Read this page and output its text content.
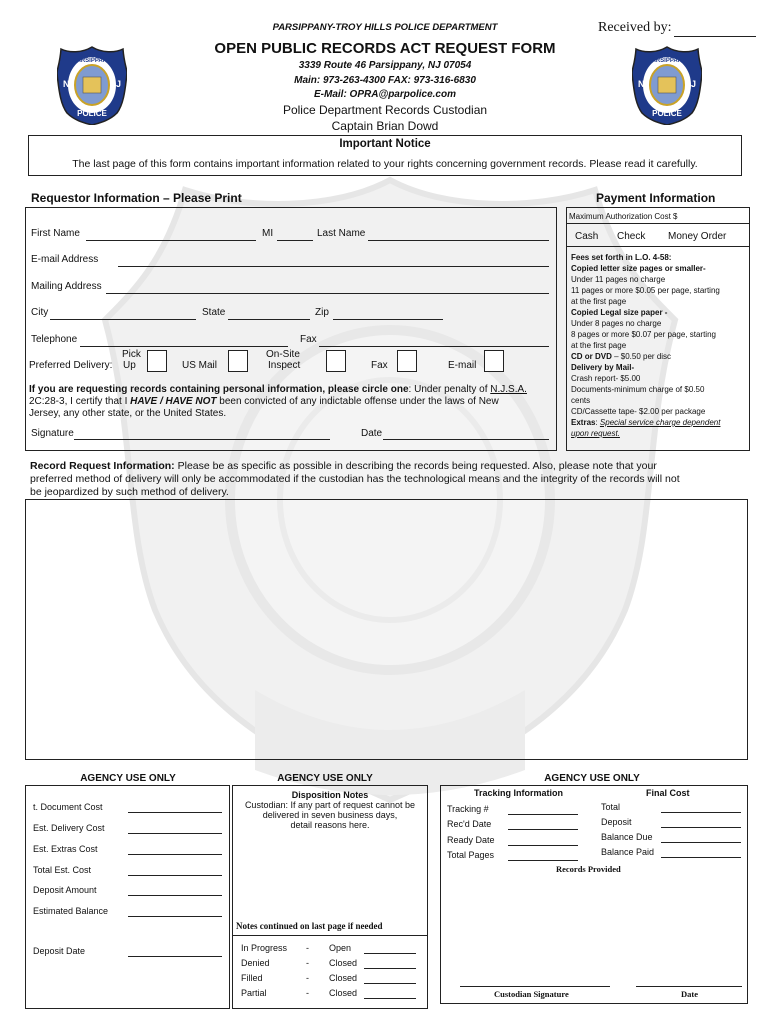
PARSIPPANY-TROY HILLS POLICE DEPARTMENT	Received by:
OPEN PUBLIC RECORDS ACT REQUEST FORM
3339 Route 46 Parsippany, NJ 07054
Main: 973-263-4300 FAX: 973-316-6830
E-Mail: OPRA@parpolice.com
Police Department Records Custodian
Captain Brian Dowd
PARSIPPANY
N	J
POLICE
PARSIPPANY
N	J
POLICE
Important Notice
The last page of this form contains important information related to your rights concerning government records. Please read it carefully.
Requestor Information – Please Print
First Name	MI	Last Name
E-mail Address
Mailing Address
City	State	Zip
Telephone	Fax
Preferred Delivery:
Pick
Up	US Mail
On-Site
Inspect	Fax	E-mail
If you are requesting records containing personal information, please circle one: Under penalty of N.J.S.A.
2C:28-3, I certify that I HAVE / HAVE NOT been convicted of any indictable offense under the laws of New
Jersey, any other state, or the United States.
Signature	Date
Payment Information
Maximum Authorization Cost $
Cash Check Money Order
Fees set forth in L.O. 4-58:
Copied letter size pages or smaller-
Under 11 pages no charge
11 pages or more $0.05 per page, starting
at the first page
Copied Legal size paper -
Under 8 pages no charge
8 pages or more $0.07 per page, starting
at the first page
CD or DVD – $0.50 per disc
Delivery by Mail-
Crash report- $5.00
Documents-minimum charge of $0.50
cents
CD/Cassette tape- $2.00 per package
Extras: Special service charge dependent
upon request.
Record Request Information: Please be as specific as possible in describing the records being requested. Also, please note that your
preferred method of delivery will only be accommodated if the custodian has the technological means and the integrity of the records will not
be jeopardized by such method of delivery.
AGENCY USE ONLY	AGENCY USE ONLY	AGENCY USE ONLY
t. Document Cost
Est. Delivery Cost
Est. Extras Cost
Total Est. Cost
Deposit Amount
Estimated Balance
Deposit Date
Disposition Notes
Custodian: If any part of request cannot be
delivered in seven business days,
detail reasons here.
Notes continued on last page if needed
In Progress - Open
Denied	- Closed
Filled	- Closed
Partial	- Closed
Tracking Information	Final Cost
Tracking #
Rec'd Date
Ready Date
Total Pages
Total
Deposit
Balance Due
Balance Paid
Records Provided
Custodian Signature	Date
